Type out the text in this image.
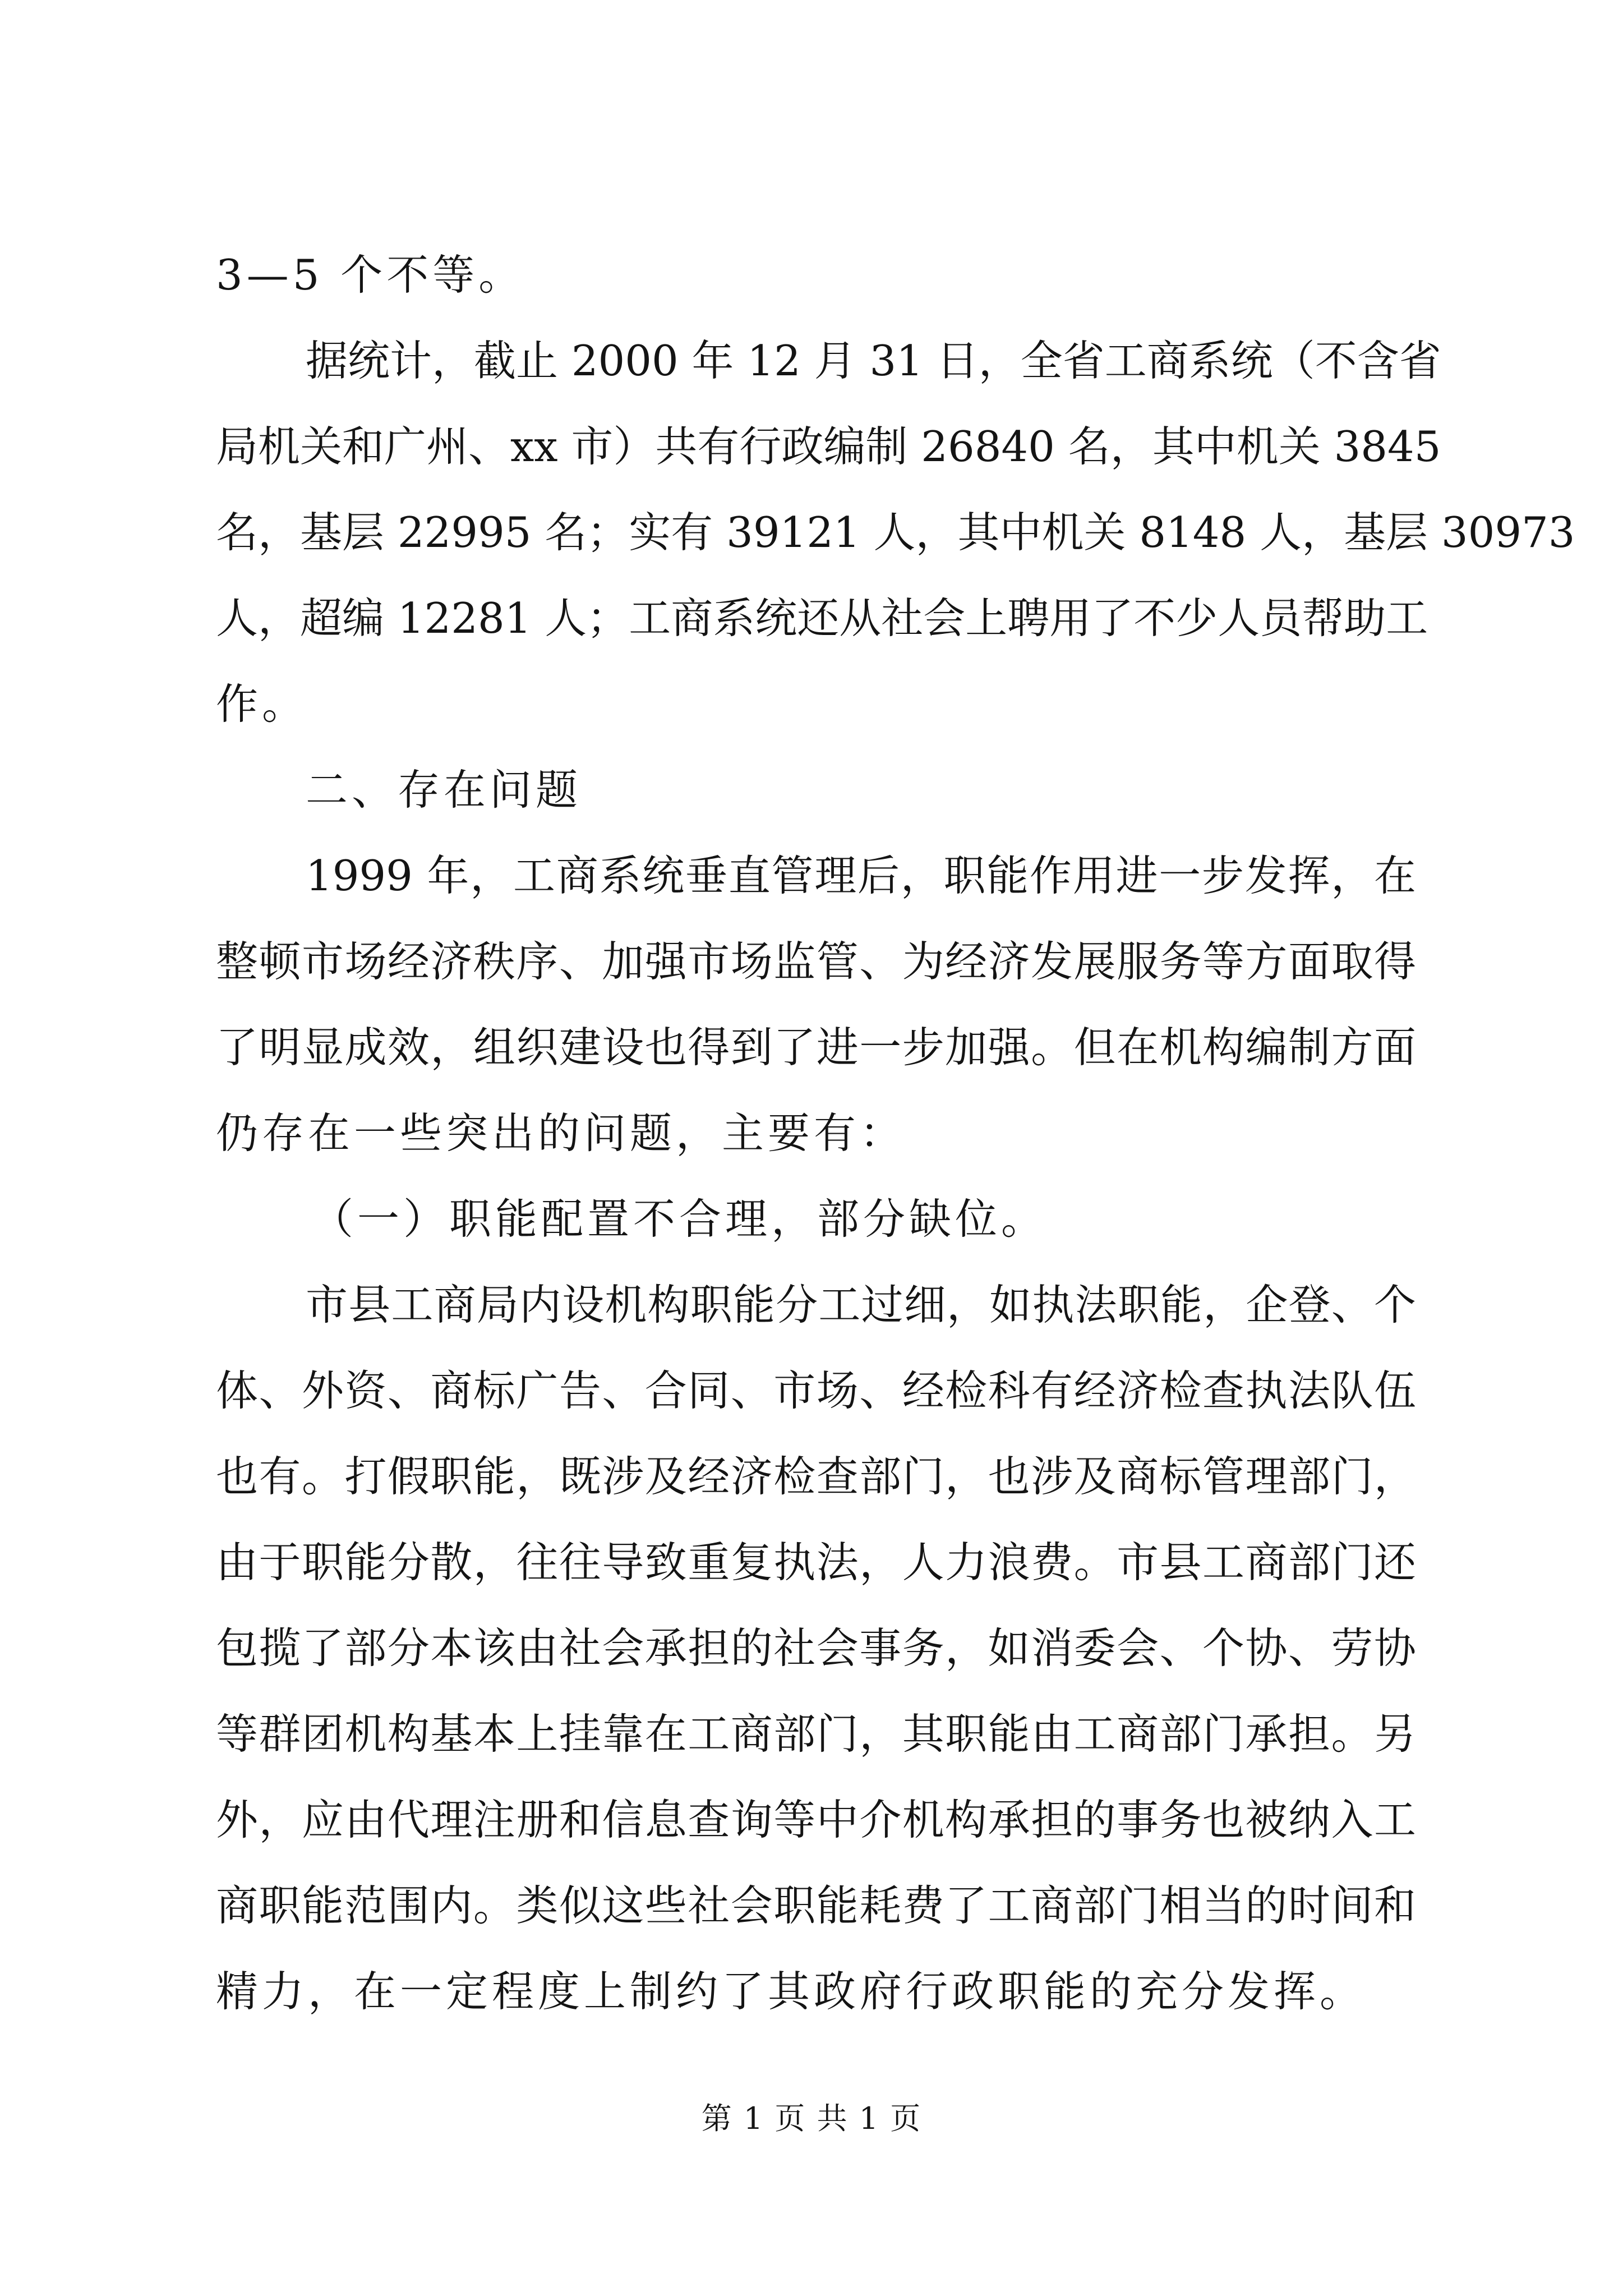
3—5 个不等。

据统计，截止 2000 年 12 月 31 日，全省工商系统（不含省

局机关和广州、xx 市）共有行政编制 26840 名，其中机关 3845

名，基层 22995 名；实有 39121 人，其中机关 8148 人，基层 30973

人，超编 12281 人；工商系统还从社会上聘用了不少人员帮助工

作。

二、存在问题

1999 年，工商系统垂直管理后，职能作用进一步发挥，在

整顿市场经济秩序、加强市场监管、为经济发展服务等方面取得

了明显成效，组织建设也得到了进一步加强。但在机构编制方面

仍存在一些突出的问题，主要有：

（一）职能配置不合理，部分缺位。

市县工商局内设机构职能分工过细，如执法职能，企登、个

体、外资、商标广告、合同、市场、经检科有经济检查执法队伍

也有。打假职能，既涉及经济检查部门，也涉及商标管理部门，

由于职能分散，往往导致重复执法，人力浪费。市县工商部门还

包揽了部分本该由社会承担的社会事务，如消委会、个协、劳协

等群团机构基本上挂靠在工商部门，其职能由工商部门承担。另

外，应由代理注册和信息查询等中介机构承担的事务也被纳入工

商职能范围内。类似这些社会职能耗费了工商部门相当的时间和

精力，在一定程度上制约了其政府行政职能的充分发挥。

第 1 页 共 1 页
